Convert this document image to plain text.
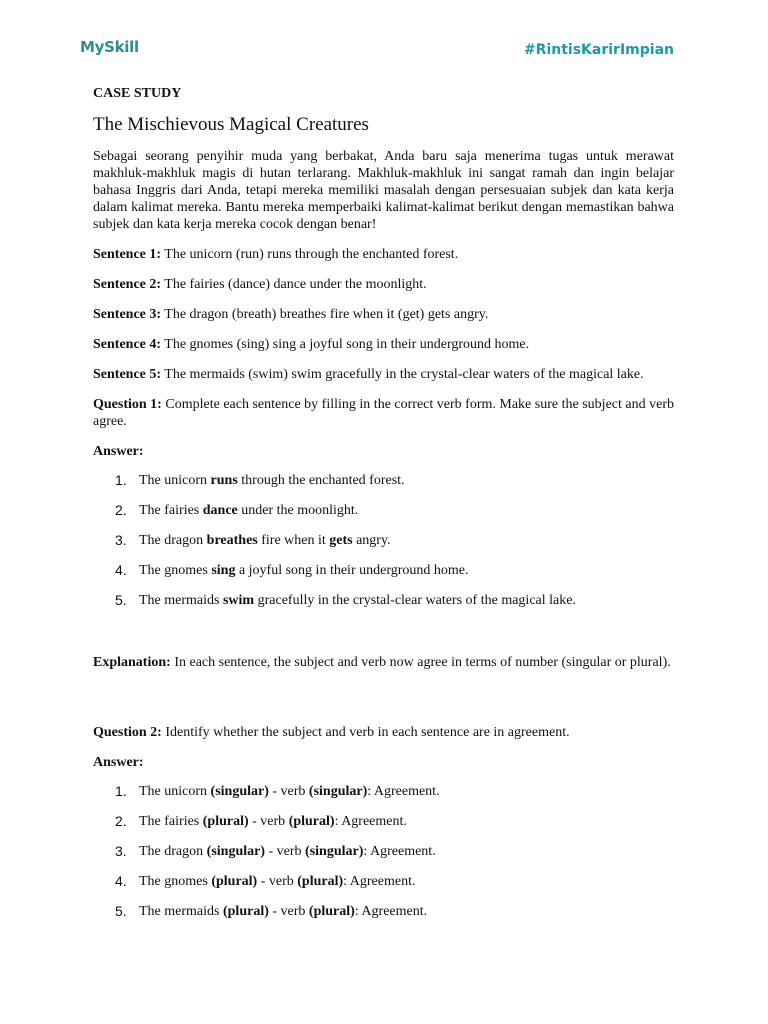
MySkill	#RintisKarirImpian
CASE STUDY
The Mischievous Magical Creatures

Sebagai seorang penyihir muda yang berbakat, Anda baru saja menerima tugas untuk merawat makhluk-makhluk magis di hutan terlarang. Makhluk-makhluk ini sangat ramah dan ingin belajar bahasa Inggris dari Anda, tetapi mereka memiliki masalah dengan persesuaian subjek dan kata kerja dalam kalimat mereka. Bantu mereka memperbaiki kalimat-kalimat berikut dengan memastikan bahwa subjek dan kata kerja mereka cocok dengan benar!

Sentence 1: The unicorn (run) runs through the enchanted forest.

Sentence 2: The fairies (dance) dance under the moonlight.

Sentence 3: The dragon (breath) breathes fire when it (get) gets angry.

Sentence 4: The gnomes (sing) sing a joyful song in their underground home.

Sentence 5: The mermaids (swim) swim gracefully in the crystal-clear waters of the magical lake.

Question 1: Complete each sentence by filling in the correct verb form. Make sure the subject and verb agree.

Answer:

1. The unicorn runs through the enchanted forest.
2. The fairies dance under the moonlight.
3. The dragon breathes fire when it gets angry.
4. The gnomes sing a joyful song in their underground home.
5. The mermaids swim gracefully in the crystal-clear waters of the magical lake.

Explanation: In each sentence, the subject and verb now agree in terms of number (singular or plural).

Question 2: Identify whether the subject and verb in each sentence are in agreement.

Answer:

1. The unicorn (singular) - verb (singular): Agreement.
2. The fairies (plural) - verb (plural): Agreement.
3. The dragon (singular) - verb (singular): Agreement.
4. The gnomes (plural) - verb (plural): Agreement.
5. The mermaids (plural) - verb (plural): Agreement.
